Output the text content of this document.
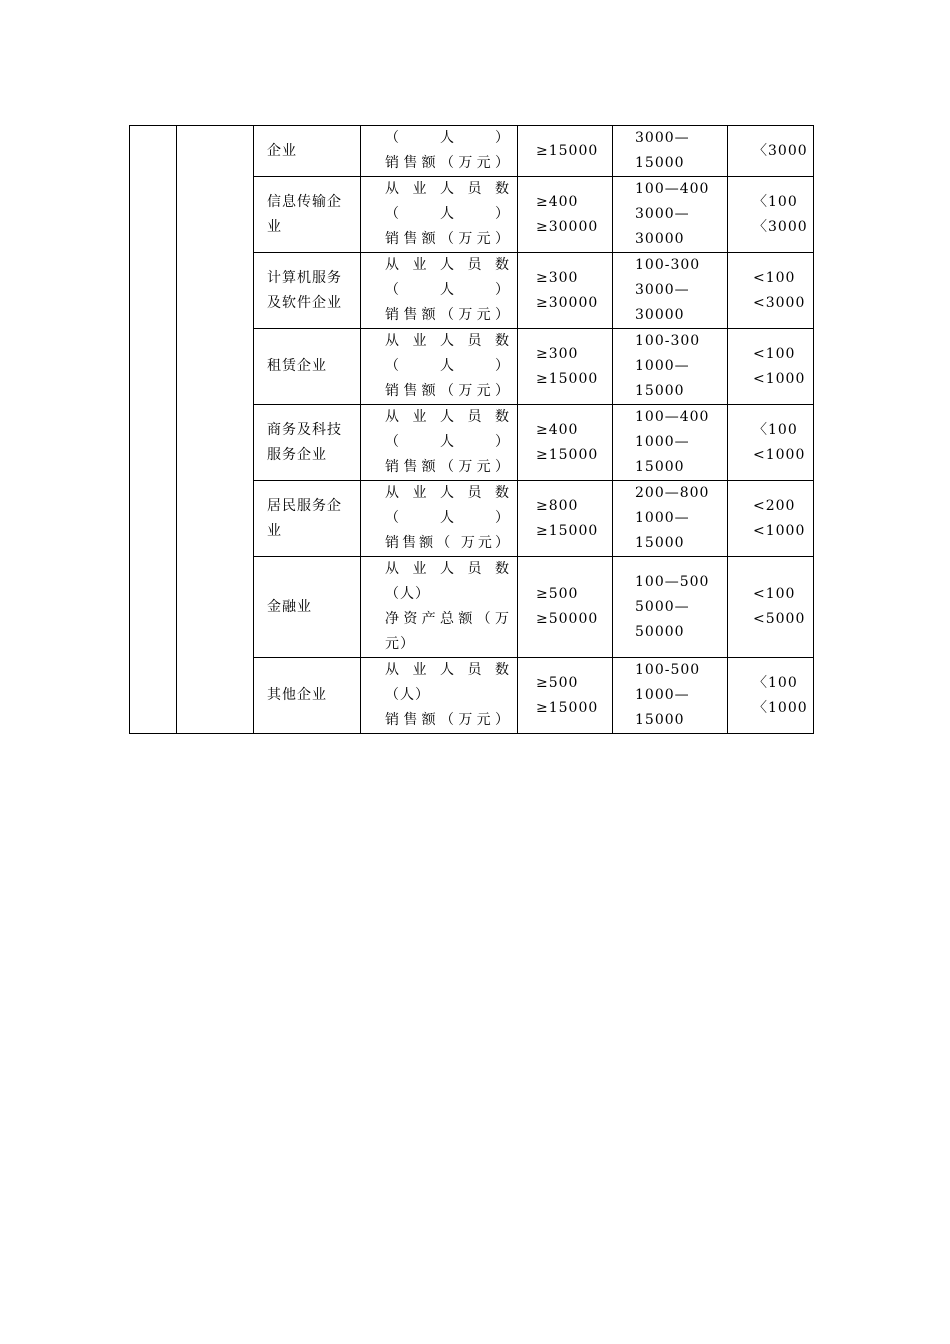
		企业	（ 人 ）
销售额（万元）	≥15000	3000—
15000	〈3000

		信息传输企
业	从 业 人 员 数
（ 人 ）
销售额（万元）	≥400
≥30000	100—400
3000—
30000	〈100
〈3000

		计算机服务
及软件企业	从 业 人 员 数
（ 人 ）
销售额（万元）	≥300
≥30000	100-300
3000—
30000	<100
<3000

		租赁企业	从 业 人 员 数
（ 人 ）
销售额（万元）	≥300
≥15000	100-300
1000—
15000	<100
<1000

		商务及科技
服务企业	从 业 人 员 数
（ 人 ）
销售额（万元）	≥400
≥15000	100—400
1000—
15000	〈100
<1000

		居民服务企
业	从 业 人 员 数
（ 人 ）
销售额（ 万元）	≥800
≥15000	200—800
1000—
15000	<200
<1000

		金融业	从 业 人 员 数
（人）
净资产总额（万
元）	≥500
≥50000	100—500
5000—
50000	<100
<5000

		其他企业	从 业 人 员 数
（人）
销售额（万元）	≥500
≥15000	100-500
1000—
15000	〈100
〈1000
